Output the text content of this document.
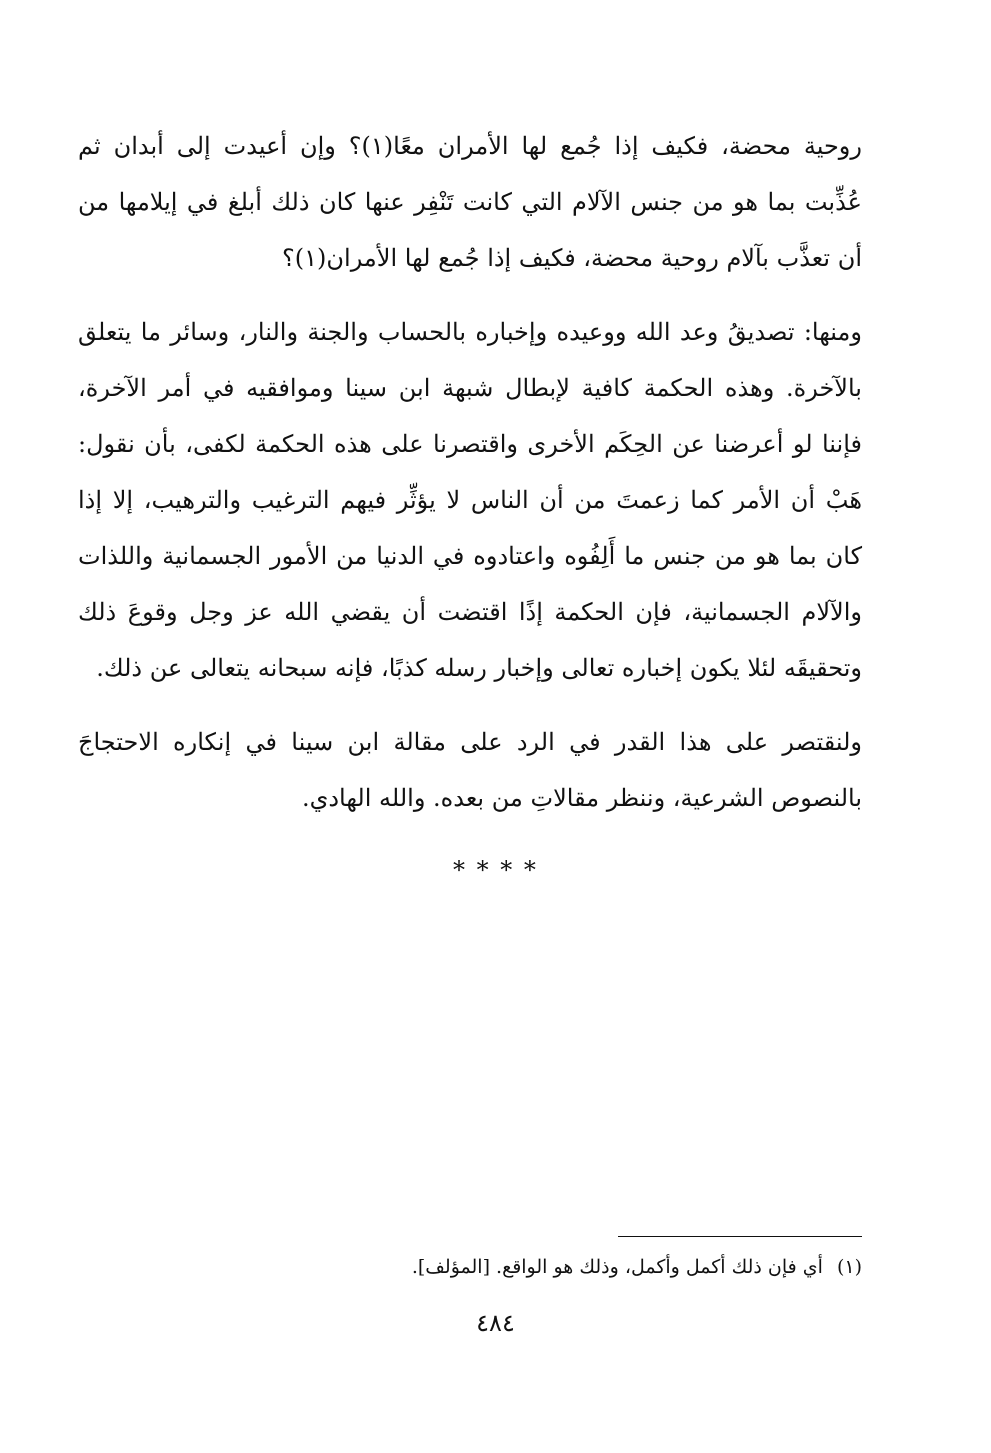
روحية محضة، فكيف إذا جُمع لها الأمران معًا(١)؟ وإن أعيدت إلى أبدان ثم عُذِّبت بما هو من جنس الآلام التي كانت تَنْفِر عنها كان ذلك أبلغ في إيلامها من أن تعذَّب بآلام روحية محضة، فكيف إذا جُمع لها الأمران(١)؟

ومنها: تصديقُ وعد الله ووعيده وإخباره بالحساب والجنة والنار، وسائر ما يتعلق بالآخرة. وهذه الحكمة كافية لإبطال شبهة ابن سينا وموافقيه في أمر الآخرة، فإننا لو أعرضنا عن الحِكَم الأخرى واقتصرنا على هذه الحكمة لكفى، بأن نقول: هَبْ أن الأمر كما زعمتَ من أن الناس لا يؤثِّر فيهم الترغيب والترهيب، إلا إذا كان بما هو من جنس ما أَلِفُوه واعتادوه في الدنيا من الأمور الجسمانية واللذات والآلام الجسمانية، فإن الحكمة إذًا اقتضت أن يقضي الله عز وجل وقوعَ ذلك وتحقيقَه لئلا يكون إخباره تعالى وإخبار رسله كذبًا، فإنه سبحانه يتعالى عن ذلك.

ولنقتصر على هذا القدر في الرد على مقالة ابن سينا في إنكاره الاحتجاجَ بالنصوص الشرعية، وننظر مقالاتِ من بعده. والله الهادي.

* * * *
(١)أي فإن ذلك أكمل وأكمل، وذلك هو الواقع. [المؤلف].
٤٨٤
